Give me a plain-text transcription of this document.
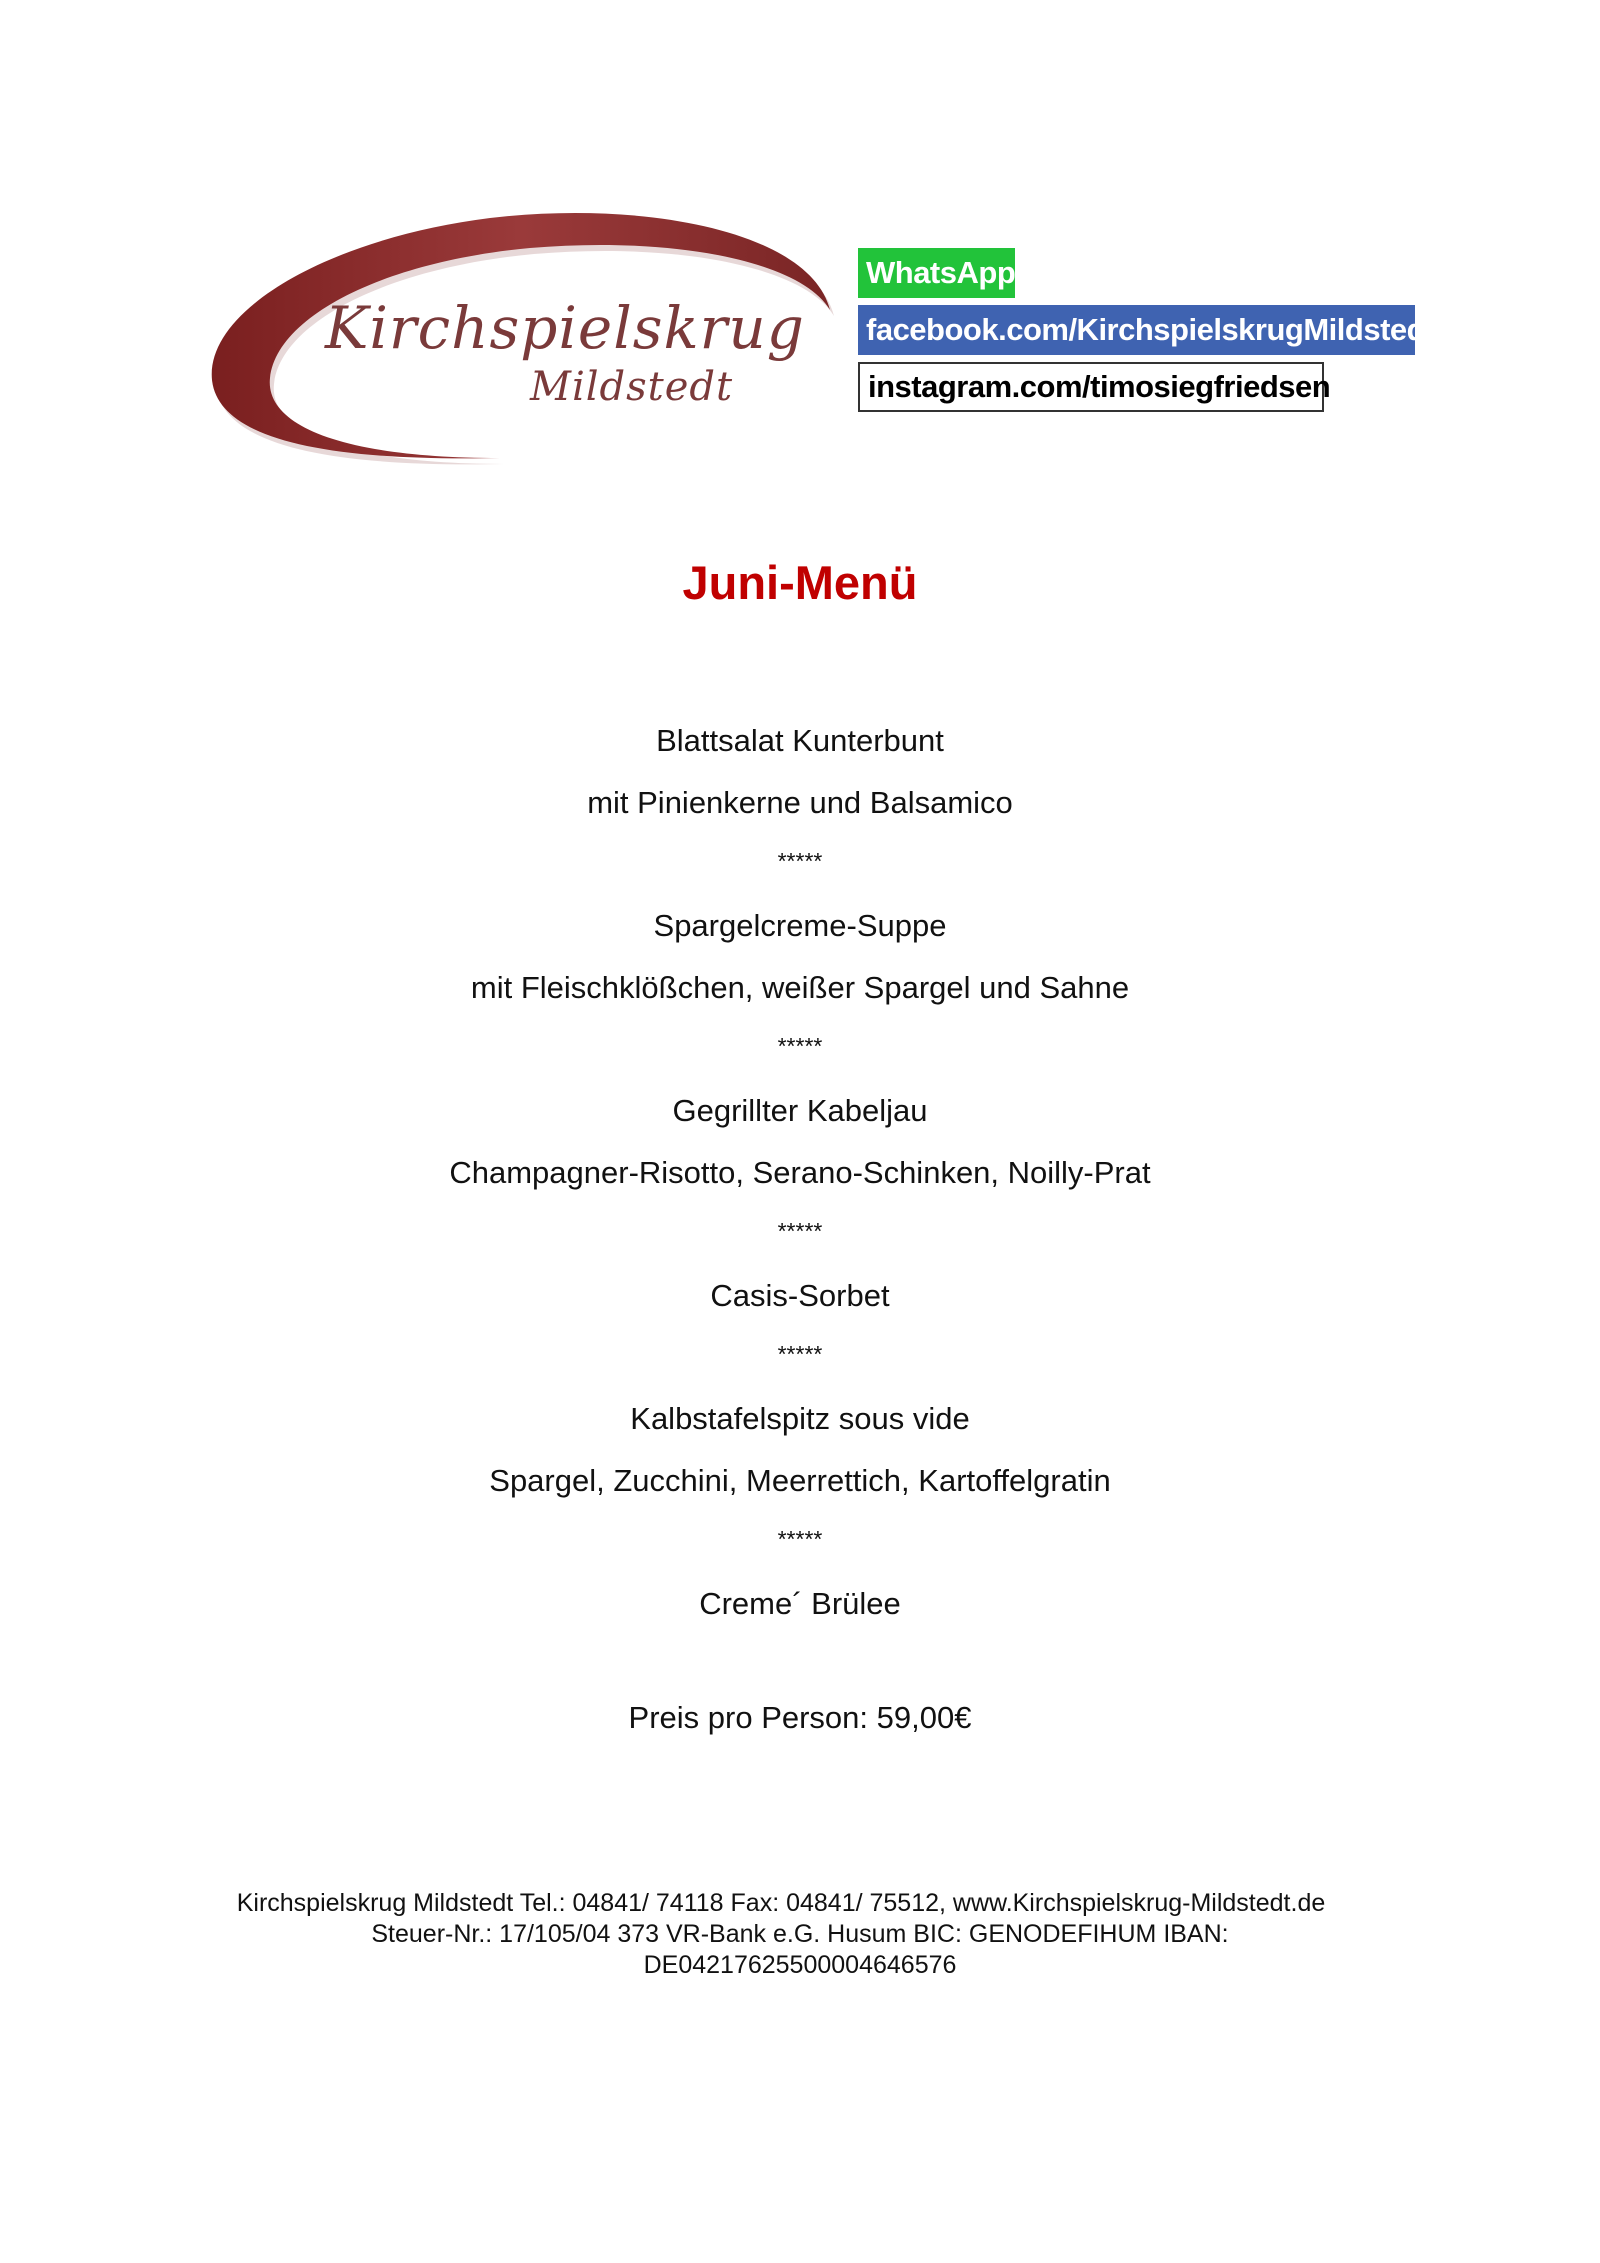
Kirchspielskrug
Mildstedt
WhatsApp
facebook.com/KirchspielskrugMildstedt
instagram.com/timosiegfriedsen
Juni-Menü
Blattsalat Kunterbunt
mit Pinienkerne und Balsamico
*****
Spargelcreme-Suppe
mit Fleischklößchen, weißer Spargel und Sahne
*****
Gegrillter Kabeljau
Champagner-Risotto, Serano-Schinken, Noilly-Prat
*****
Casis-Sorbet
*****
Kalbstafelspitz sous vide
Spargel, Zucchini, Meerrettich, Kartoffelgratin
*****
Creme´ Brülee
Preis pro Person: 59,00€
Kirchspielskrug Mildstedt Tel.: 04841/ 74118 Fax: 04841/ 75512, www.Kirchspielskrug-Mildstedt.de
Steuer-Nr.: 17/105/04 373 VR-Bank e.G. Husum BIC: GENODEFIHUM IBAN:
DE04217625500004646576
